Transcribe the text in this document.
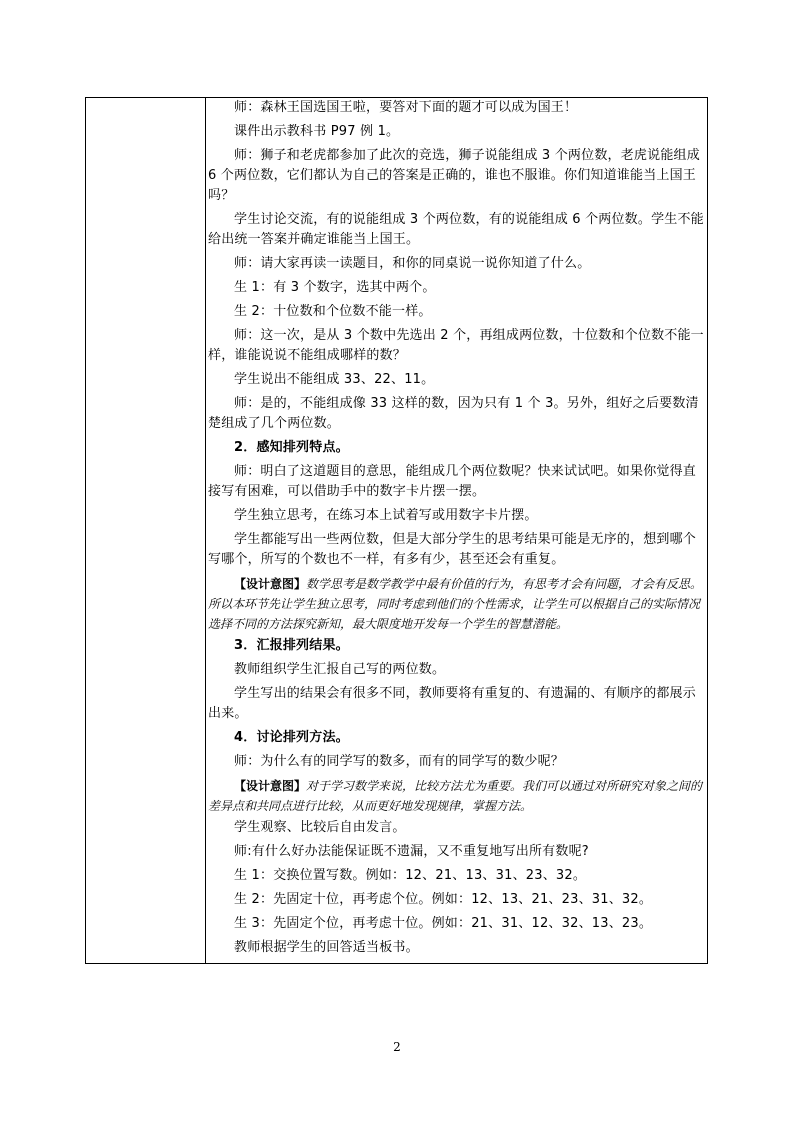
师：森林王国选国王啦，要答对下面的题才可以成为国王！
课件出示教科书 P97 例 1。
师：狮子和老虎都参加了此次的竞选，狮子说能组成 3 个两位数，老虎说能组成 6 个两位数，它们都认为自己的答案是正确的，谁也不服谁。你们知道谁能当上国王吗？
学生讨论交流，有的说能组成 3 个两位数，有的说能组成 6 个两位数。学生不能给出统一答案并确定谁能当上国王。
师：请大家再读一读题目，和你的同桌说一说你知道了什么。
生 1：有 3 个数字，选其中两个。
生 2：十位数和个位数不能一样。
师：这一次，是从 3 个数中先选出 2 个，再组成两位数，十位数和个位数不能一样，谁能说说不能组成哪样的数？
学生说出不能组成 33、22、11。
师：是的，不能组成像 33 这样的数，因为只有 1 个 3。另外，组好之后要数清楚组成了几个两位数。
2．感知排列特点。
师：明白了这道题目的意思，能组成几个两位数呢？快来试试吧。如果你觉得直接写有困难，可以借助手中的数字卡片摆一摆。
学生独立思考，在练习本上试着写或用数字卡片摆。
学生都能写出一些两位数，但是大部分学生的思考结果可能是无序的，想到哪个写哪个，所写的个数也不一样，有多有少，甚至还会有重复。
【设计意图】数学思考是数学教学中最有价值的行为，有思考才会有问题，才会有反思。所以本环节先让学生独立思考，同时考虑到他们的个性需求，让学生可以根据自己的实际情况选择不同的方法探究新知，最大限度地开发每一个学生的智慧潜能。
3．汇报排列结果。
教师组织学生汇报自己写的两位数。
学生写出的结果会有很多不同，教师要将有重复的、有遗漏的、有顺序的都展示出来。
4．讨论排列方法。
师：为什么有的同学写的数多，而有的同学写的数少呢？
【设计意图】对于学习数学来说，比较方法尤为重要。我们可以通过对所研究对象之间的差异点和共同点进行比较，从而更好地发现规律，掌握方法。
学生观察、比较后自由发言。
师:有什么好办法能保证既不遗漏，又不重复地写出所有数呢?
生 1：交换位置写数。例如：12、21、13、31、23、32。
生 2：先固定十位，再考虑个位。例如：12、13、21、23、31、32。
生 3：先固定个位，再考虑十位。例如：21、31、12、32、13、23。
教师根据学生的回答适当板书。
2
